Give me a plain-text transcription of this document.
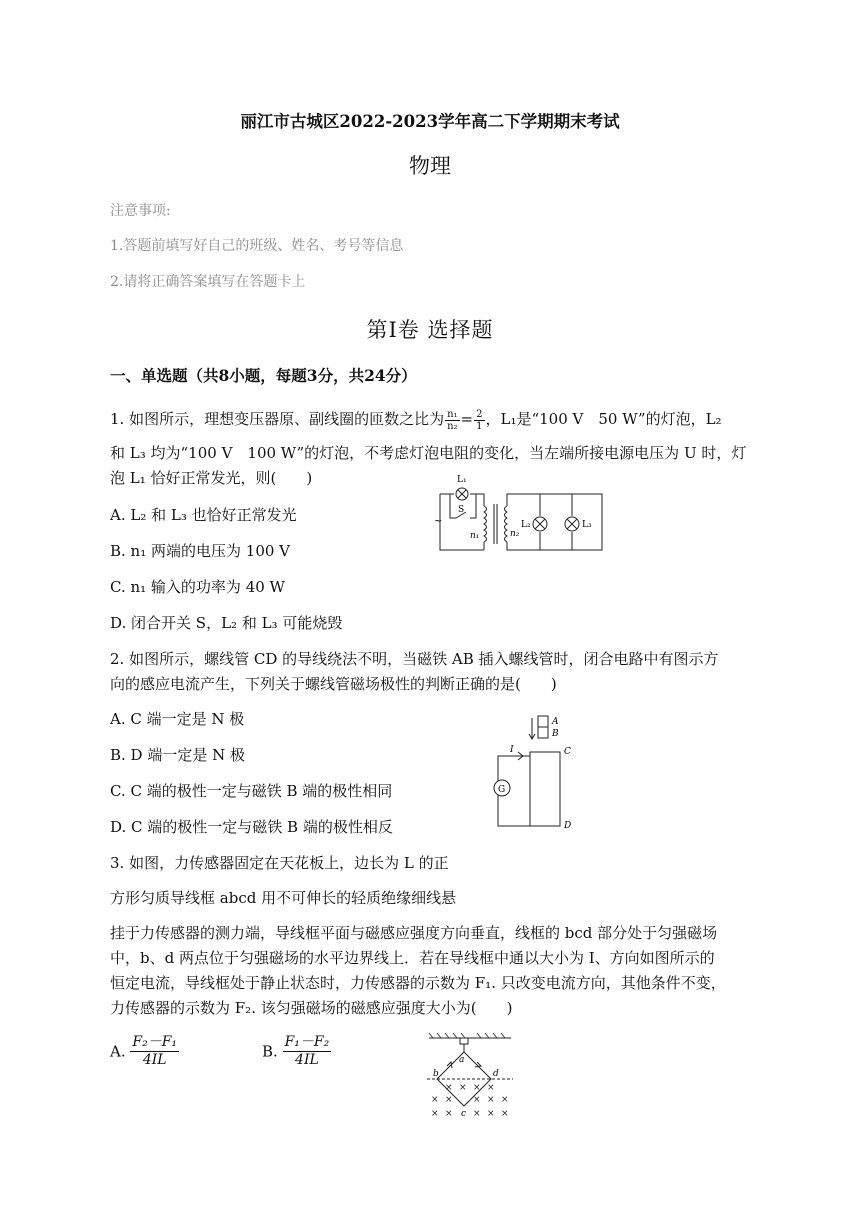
丽江市古城区2022-2023学年高二下学期期末考试
物理
注意事项:
1.答题前填写好自己的班级、姓名、考号等信息
2.请将正确答案填写在答题卡上
第Ⅰ卷 选择题
一、单选题（共8小题，每题3分，共24分）
1. 如图所示，理想变压器原、副线圈的匝数之比为 $\frac{\text{n₁}}{\text{n₂}} = \frac{2}{1}$ ，L₁是“100 V　50 W”的灯泡，L₂
和 L₃ 均为“100 V　100 W”的灯泡，不考虑灯泡电阻的变化，当左端所接电源电压为 U 时，灯
泡 L₁ 恰好正常发光，则(　　)
A. L₂ 和 L₃ 也恰好正常发光
B. n₁ 两端的电压为 100 V
C. n₁ 输入的功率为 40 W
D. 闭合开关 S，L₂ 和 L₃ 可能烧毁
L₁
S
~
n₁	n₂
L₂	L₃
2. 如图所示，螺线管 CD 的导线绕法不明，当磁铁 AB 插入螺线管时，闭合电路中有图示方
向的感应电流产生，下列关于螺线管磁场极性的判断正确的是(　　)
A. C 端一定是 N 极
B. D 端一定是 N 极
C. C 端的极性一定与磁铁 B 端的极性相同
D. C 端的极性一定与磁铁 B 端的极性相反
A
B
I	C
D
G
3. 如图，力传感器固定在天花板上，边长为 L 的正
方形匀质导线框 abcd 用不可伸长的轻质绝缘细线悬
挂于力传感器的测力端，导线框平面与磁感应强度方向垂直，线框的 bcd 部分处于匀强磁场
中，b、d 两点位于匀强磁场的水平边界线上．若在导线框中通以大小为 I、方向如图所示的
恒定电流，导线框处于静止状态时，力传感器的示数为 F₁. 只改变电流方向，其他条件不变，
力传感器的示数为 F₂. 该匀强磁场的磁感应强度大小为(　　)
A. $\frac{\text{F₂－F₁}}{4IL}$	B. $\frac{\text{F₁－F₂}}{4IL}$
× × × ×
× × × × ×
× × × × ×
a
b	d
c
